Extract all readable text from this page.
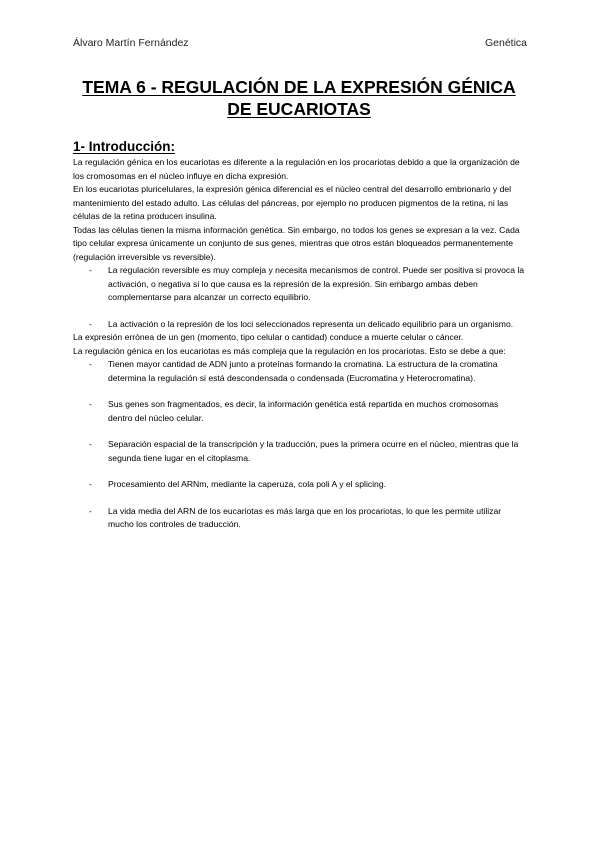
Álvaro Martín Fernández	Genética
TEMA 6 - REGULACIÓN DE LA EXPRESIÓN GÉNICA
DE EUCARIOTAS
1- Introducción:

La regulación génica en los eucariotas es diferente a la regulación en los procariotas debido a que la organización de los cromosomas en el núcleo influye en dicha expresión.

En los eucariotas pluricelulares, la expresión génica diferencial es el núcleo central del desarrollo embrionario y del mantenimiento del estado adulto. Las células del páncreas, por ejemplo no producen pigmentos de la retina, ni las células de la retina producen insulina.

Todas las células tienen la misma información genética. Sin embargo, no todos los genes se expresan a la vez. Cada tipo celular expresa únicamente un conjunto de sus genes, mientras que otros están bloqueados permanentemente (regulación irreversible vs reversible).

- La regulación reversible es muy compleja y necesita mecanismos de control. Puede ser positiva si provoca la activación, o negativa si lo que causa es la represión de la expresión. Sin embargo ambas deben complementarse para alcanzar un correcto equilibrio.
- La activación o la represión de los loci seleccionados representa un delicado equilibrio para un organismo.

La expresión errónea de un gen (momento, tipo celular o cantidad) conduce a muerte celular o cáncer.

La regulación génica en los eucariotas es más compleja que la regulación en los procariotas. Esto se debe a que:

- Tienen mayor cantidad de ADN junto a proteínas formando la cromatina. La estructura de la cromatina determina la regulación si está descondensada o condensada (Eucromatina y Heterocromatina).
- Sus genes son fragmentados, es decir, la información genética está repartida en muchos cromosomas dentro del núcleo celular.
- Separación espacial de la transcripción y la traducción, pues la primera ocurre en el núcleo, mientras que la segunda tiene lugar en el citoplasma.
- Procesamiento del ARNm, mediante la caperuza, cola poli A y el splicing.
- La vida media del ARN de los eucariotas es más larga que en los procariotas, lo que les permite utilizar mucho los controles de traducción.
